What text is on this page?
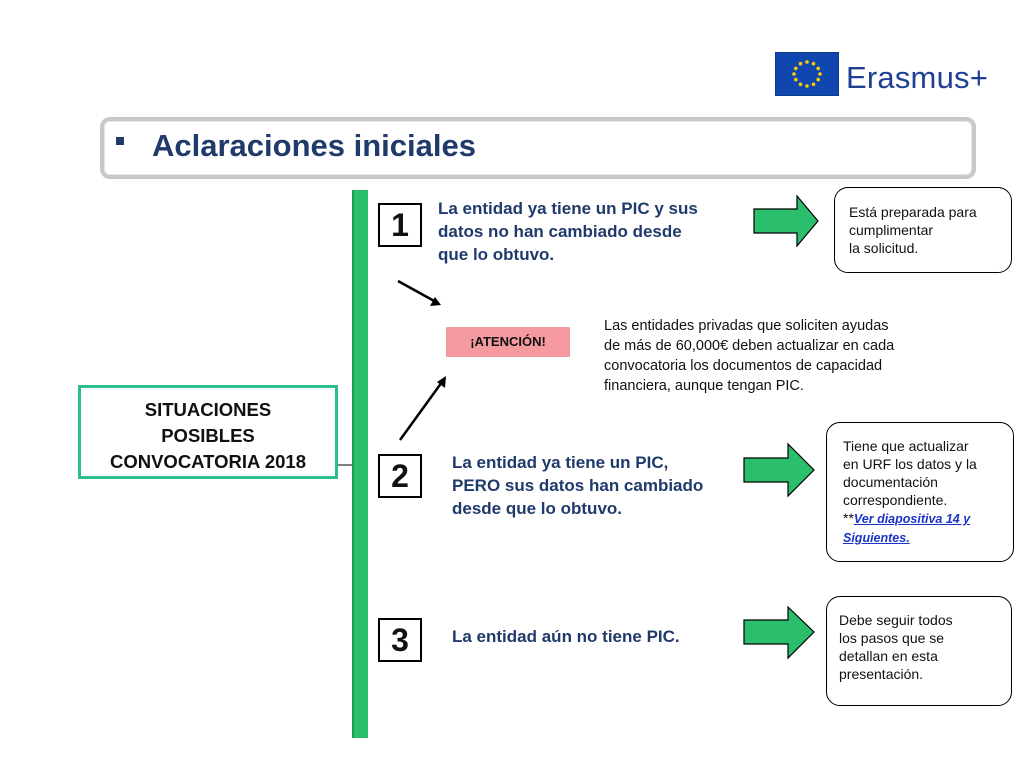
Erasmus+
Aclaraciones iniciales
SITUACIONES
POSIBLES
CONVOCATORIA 2018
1	La entidad ya tiene un PIC y sus
datos no han cambiado desde
que lo obtuvo.
Está preparada para
cumplimentar
la solicitud.
¡ATENCIÓN!
Las entidades privadas que soliciten ayudas
de más de 60,000€ deben actualizar en cada
convocatoria los documentos de capacidad
financiera, aunque tengan PIC.
2	La entidad ya tiene un PIC,
PERO sus datos han cambiado
desde que lo obtuvo.
Tiene que actualizar
en URF los datos y la
documentación
correspondiente.
**Ver diapositiva 14 y
Siguientes.
3	La entidad aún no tiene PIC.
Debe seguir todos
los pasos que se
detallan en esta
presentación.
